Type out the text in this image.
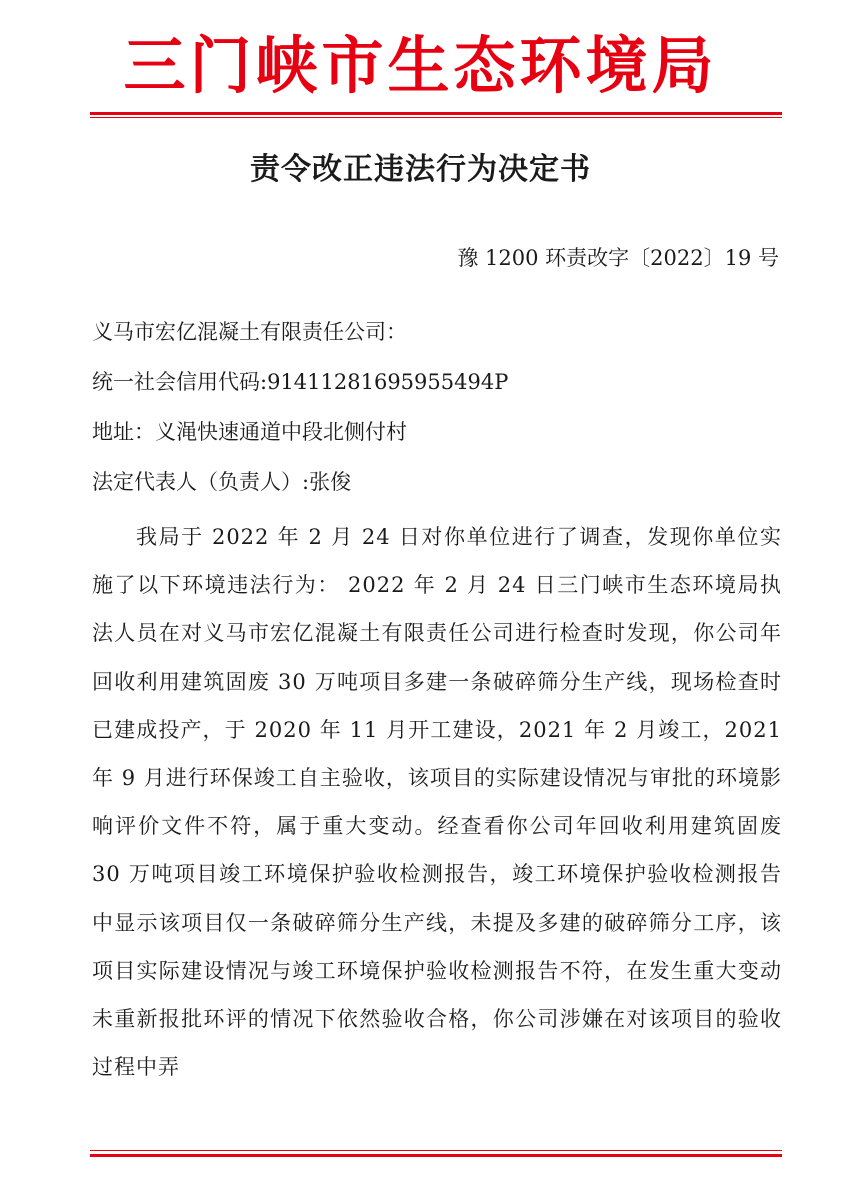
三门峡市生态环境局
责令改正违法行为决定书
豫 1200 环责改字〔2022〕19 号
义马市宏亿混凝土有限责任公司：
统一社会信用代码:91411281695955494P
地址：义渑快速通道中段北侧付村
法定代表人（负责人）:张俊
我局于 2022 年 2 月 24 日对你单位进行了调查，发现你单位实施了以下环境违法行为： 2022 年 2 月 24 日三门峡市生态环境局执法人员在对义马市宏亿混凝土有限责任公司进行检查时发现，你公司年回收利用建筑固废 30 万吨项目多建一条破碎筛分生产线，现场检查时已建成投产，于 2020 年 11 月开工建设，2021 年 2 月竣工，2021 年 9 月进行环保竣工自主验收，该项目的实际建设情况与审批的环境影响评价文件不符，属于重大变动。经查看你公司年回收利用建筑固废 30 万吨项目竣工环境保护验收检测报告，竣工环境保护验收检测报告中显示该项目仅一条破碎筛分生产线，未提及多建的破碎筛分工序，该项目实际建设情况与竣工环境保护验收检测报告不符，在发生重大变动未重新报批环评的情况下依然验收合格，你公司涉嫌在对该项目的验收过程中弄
